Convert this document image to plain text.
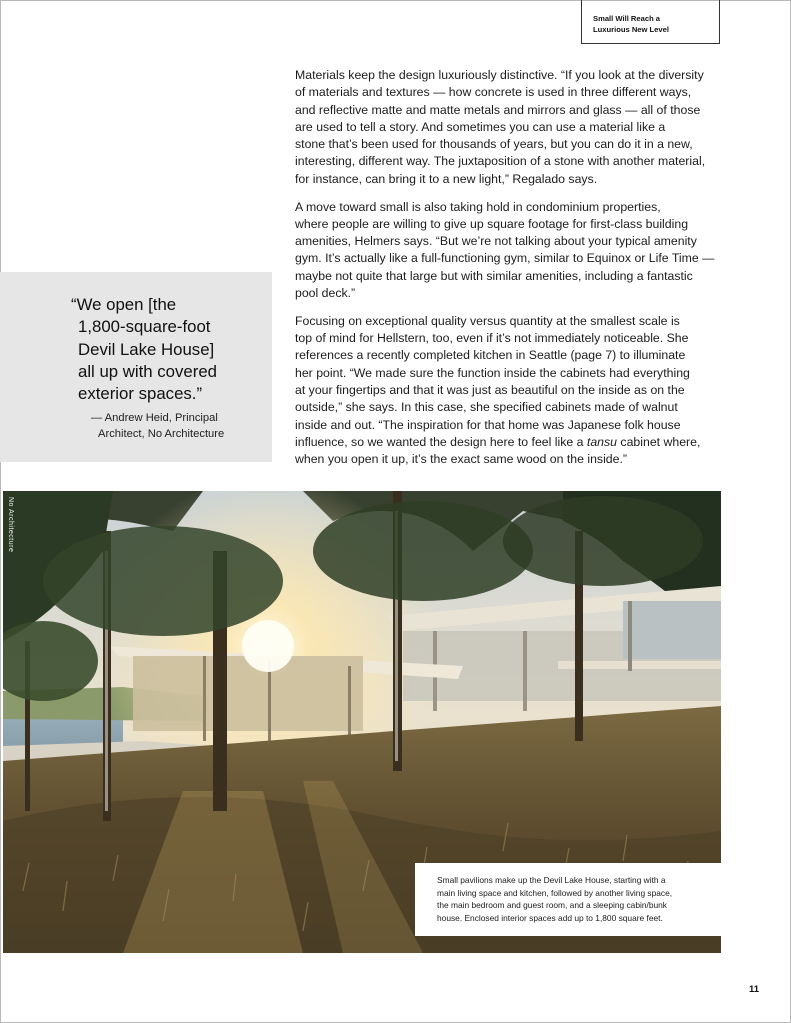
Small Will Reach a
Luxurious New Level

Materials keep the design luxuriously distinctive. “If you look at the diversity
of materials and textures — how concrete is used in three different ways,
and reflective matte and matte metals and mirrors and glass — all of those
are used to tell a story. And sometimes you can use a material like a
stone that’s been used for thousands of years, but you can do it in a new,
interesting, different way. The juxtaposition of a stone with another material,
for instance, can bring it to a new light,” Regalado says.

A move toward small is also taking hold in condominium properties,
where people are willing to give up square footage for first-class building
amenities, Helmers says. “But we’re not talking about your typical amenity
gym. It’s actually like a full-functioning gym, similar to Equinox or Life Time —
maybe not quite that large but with similar amenities, including a fantastic
pool deck.”

Focusing on exceptional quality versus quantity at the smallest scale is
top of mind for Hellstern, too, even if it’s not immediately noticeable. She
references a recently completed kitchen in Seattle (page 7) to illuminate
her point. “We made sure the function inside the cabinets had everything
at your fingertips and that it was just as beautiful on the inside as on the
outside,” she says. In this case, she specified cabinets made of walnut
inside and out. “The inspiration for that home was Japanese folk house
influence, so we wanted the design here to feel like a tansu cabinet where,
when you open it up, it’s the exact same wood on the inside.”

“We open [the
1,800-square-foot
Devil Lake House]
all up with covered
exterior spaces.”
— Andrew Heid, Principal
Architect, No Architecture
No Architecture
Small pavilions make up the Devil Lake House, starting with a
main living space and kitchen, followed by another living space,
the main bedroom and guest room, and a sleeping cabin/bunk
house. Enclosed interior spaces add up to 1,800 square feet.
11
